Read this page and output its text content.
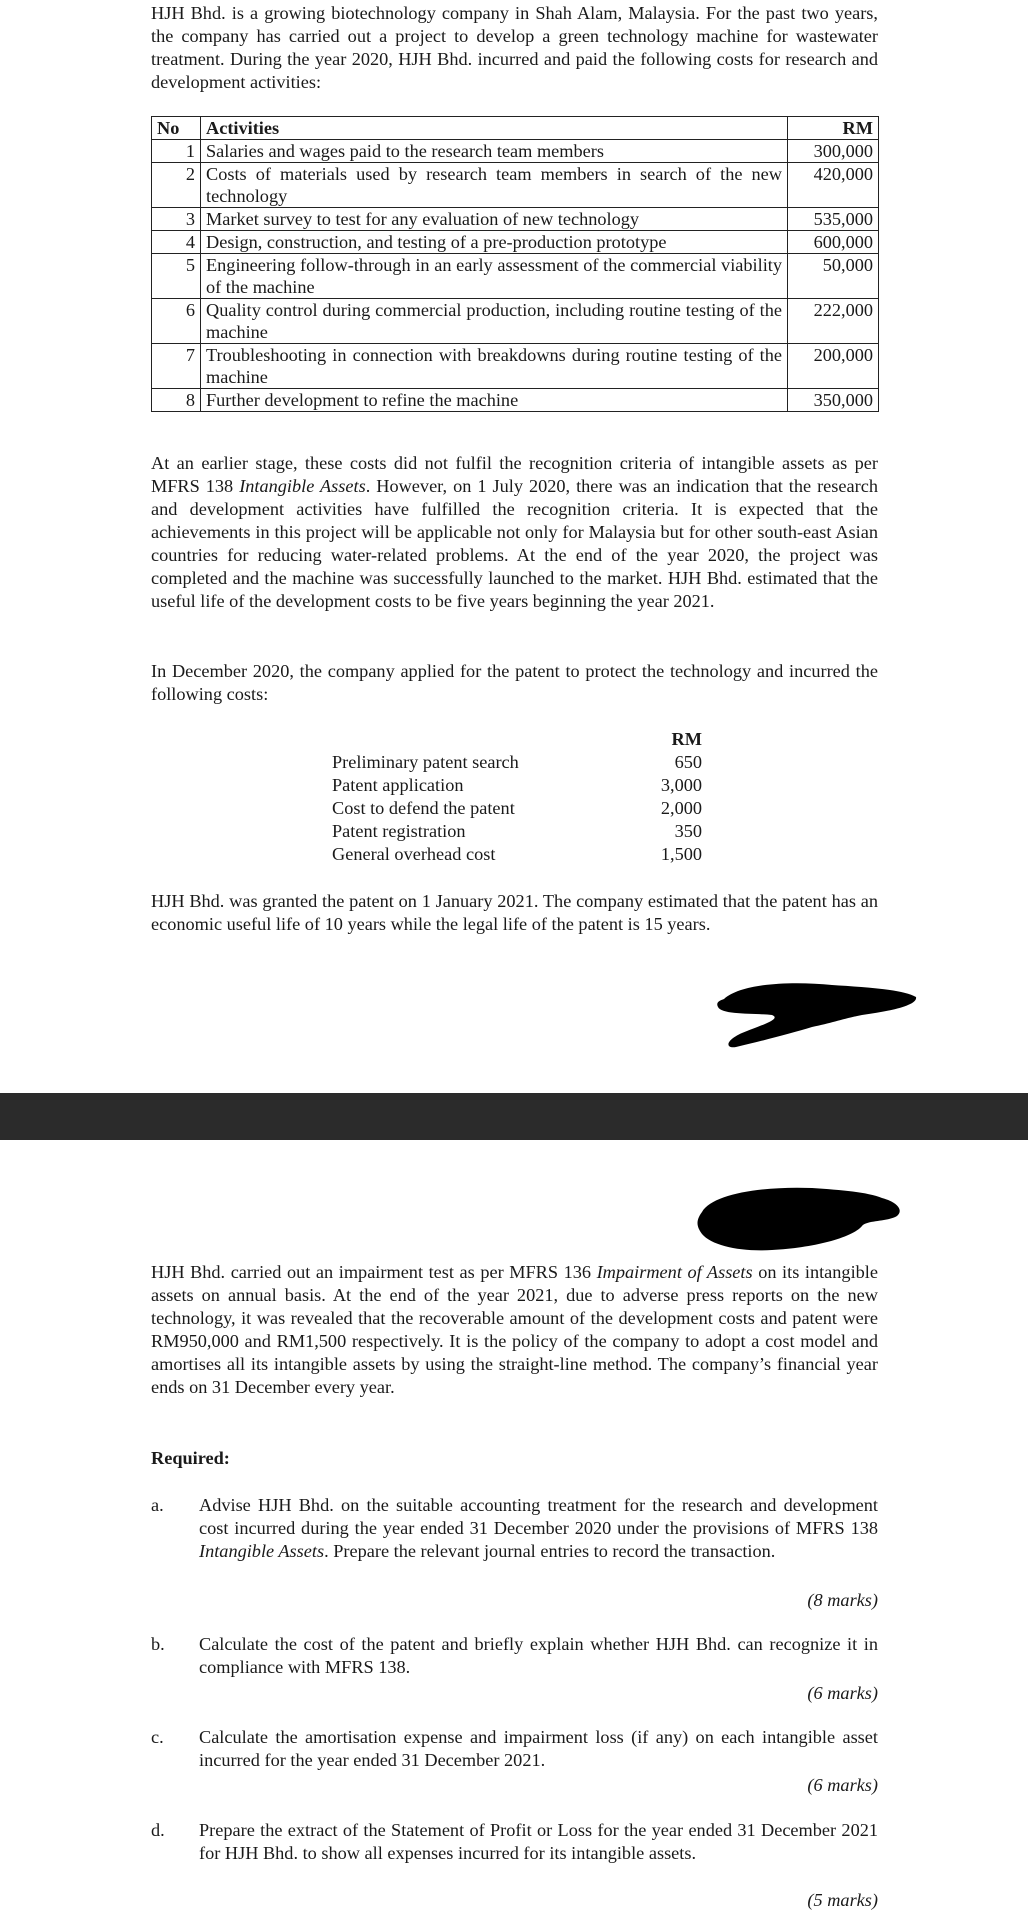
HJH Bhd. is a growing biotechnology company in Shah Alam, Malaysia. For the past two years, the company has carried out a project to develop a green technology machine for wastewater treatment. During the year 2020, HJH Bhd. incurred and paid the following costs for research and development activities:

No	Activities	RM
1	Salaries and wages paid to the research team members	300,000
2	Costs of materials used by research team members in search of the new technology	420,000
3	Market survey to test for any evaluation of new technology	535,000
4	Design, construction, and testing of a pre-production prototype	600,000
5	Engineering follow-through in an early assessment of the commercial viability of the machine	50,000
6	Quality control during commercial production, including routine testing of the machine	222,000
7	Troubleshooting in connection with breakdowns during routine testing of the machine	200,000
8	Further development to refine the machine	350,000

At an earlier stage, these costs did not fulfil the recognition criteria of intangible assets as per MFRS 138 Intangible Assets. However, on 1 July 2020, there was an indication that the research and development activities have fulfilled the recognition criteria. It is expected that the achievements in this project will be applicable not only for Malaysia but for other south-east Asian countries for reducing water-related problems. At the end of the year 2020, the project was completed and the machine was successfully launched to the market. HJH Bhd. estimated that the useful life of the development costs to be five years beginning the year 2021.

In December 2020, the company applied for the patent to protect the technology and incurred the following costs:

RM
Preliminary patent search	650
Patent application	3,000
Cost to defend the patent	2,000
Patent registration	350
General overhead cost	1,500

HJH Bhd. was granted the patent on 1 January 2021. The company estimated that the patent has an economic useful life of 10 years while the legal life of the patent is 15 years.

HJH Bhd. carried out an impairment test as per MFRS 136 Impairment of Assets on its intangible assets on annual basis. At the end of the year 2021, due to adverse press reports on the new technology, it was revealed that the recoverable amount of the development costs and patent were RM950,000 and RM1,500 respectively. It is the policy of the company to adopt a cost model and amortises all its intangible assets by using the straight-line method. The company’s financial year ends on 31 December every year.

Required:

a. Advise HJH Bhd. on the suitable accounting treatment for the research and development cost incurred during the year ended 31 December 2020 under the provisions of MFRS 138 Intangible Assets. Prepare the relevant journal entries to record the transaction.

(8 marks)

b. Calculate the cost of the patent and briefly explain whether HJH Bhd. can recognize it in compliance with MFRS 138.

(6 marks)

c. Calculate the amortisation expense and impairment loss (if any) on each intangible asset incurred for the year ended 31 December 2021.

(6 marks)

d. Prepare the extract of the Statement of Profit or Loss for the year ended 31 December 2021 for HJH Bhd. to show all expenses incurred for its intangible assets.

(5 marks)
